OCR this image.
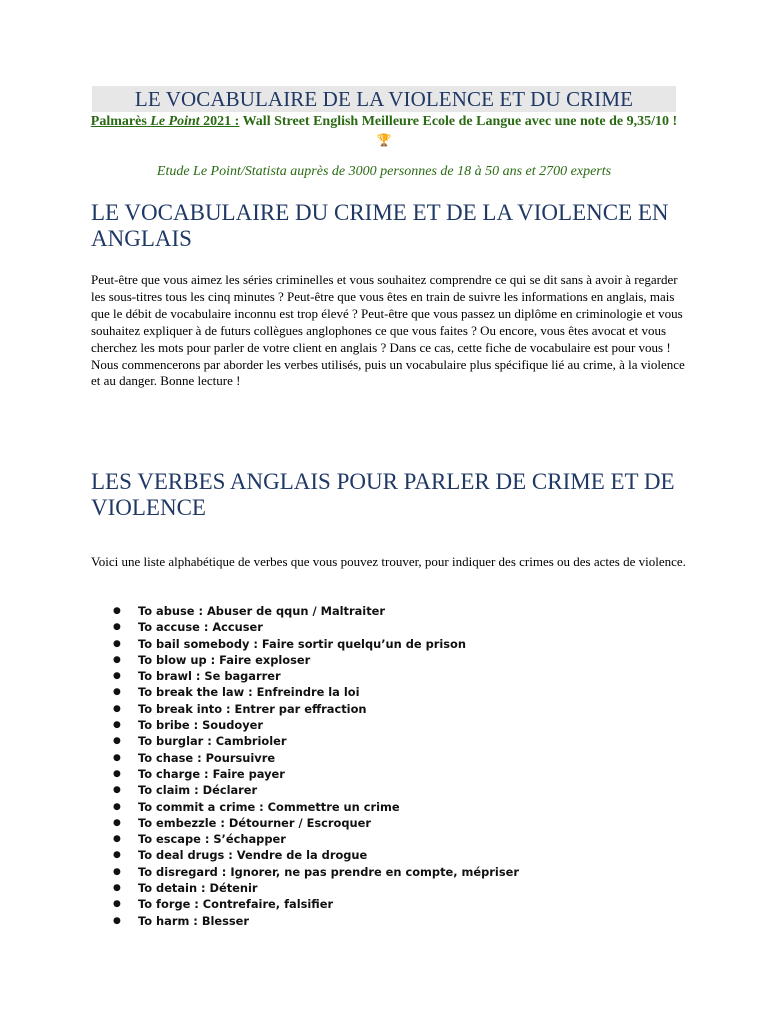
LE VOCABULAIRE DE LA VIOLENCE ET DU CRIME
Palmarès Le Point 2021 : Wall Street English Meilleure Ecole de Langue avec une note de 9,35/10 ! 🏆
Etude Le Point/Statista auprès de 3000 personnes de 18 à 50 ans et 2700 experts
LE VOCABULAIRE DU CRIME ET DE LA VIOLENCE EN ANGLAIS
Peut-être que vous aimez les séries criminelles et vous souhaitez comprendre ce qui se dit sans à avoir à regarder les sous-titres tous les cinq minutes ? Peut-être que vous êtes en train de suivre les informations en anglais, mais que le débit de vocabulaire inconnu est trop élevé ? Peut-être que vous passez un diplôme en criminologie et vous souhaitez expliquer à de futurs collègues anglophones ce que vous faites ? Ou encore, vous êtes avocat et vous cherchez les mots pour parler de votre client en anglais ? Dans ce cas, cette fiche de vocabulaire est pour vous ! Nous commencerons par aborder les verbes utilisés, puis un vocabulaire plus spécifique lié au crime, à la violence et au danger. Bonne lecture !
LES VERBES ANGLAIS POUR PARLER DE CRIME ET DE VIOLENCE
Voici une liste alphabétique de verbes que vous pouvez trouver, pour indiquer des crimes ou des actes de violence.
● To abuse : Abuser de qqun / Maltraiter
● To accuse : Accuser
● To bail somebody : Faire sortir quelqu’un de prison
● To blow up : Faire exploser
● To brawl : Se bagarrer
● To break the law : Enfreindre la loi
● To break into : Entrer par effraction
● To bribe : Soudoyer
● To burglar : Cambrioler
● To chase : Poursuivre
● To charge : Faire payer
● To claim : Déclarer
● To commit a crime : Commettre un crime
● To embezzle : Détourner / Escroquer
● To escape : S’échapper
● To deal drugs : Vendre de la drogue
● To disregard : Ignorer, ne pas prendre en compte, mépriser
● To detain : Détenir
● To forge : Contrefaire, falsifier
● To harm : Blesser
